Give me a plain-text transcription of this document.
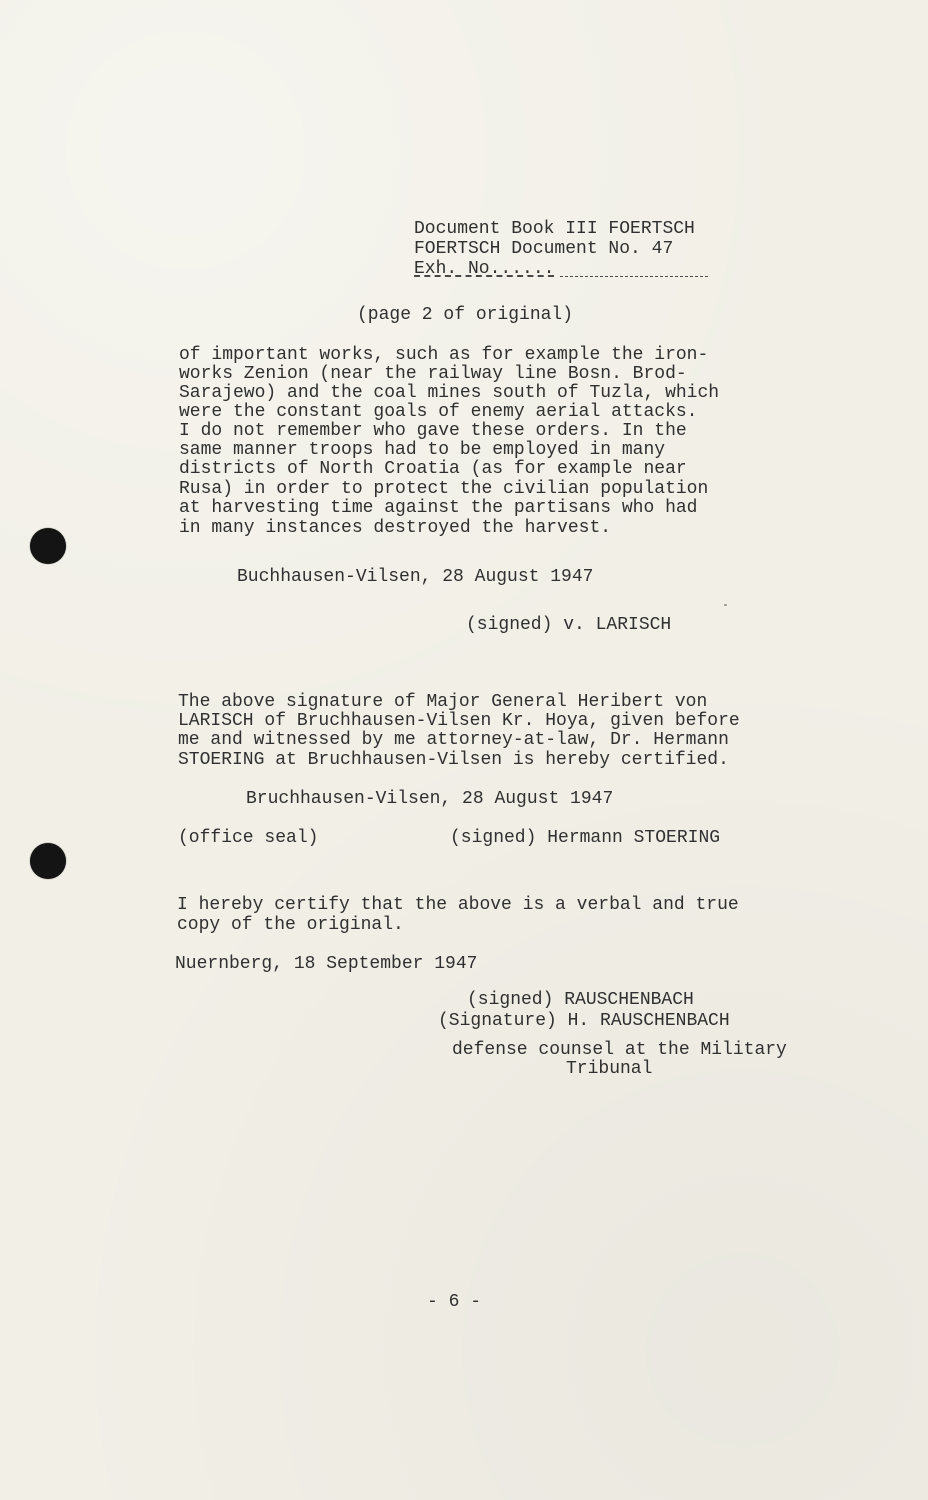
Document Book III FOERTSCH
FOERTSCH Document No. 47
Exh. No......
(page 2 of original)
of important works, such as for example the iron-
works Zenion (near the railway line Bosn. Brod-
Sarajewo) and the coal mines south of Tuzla, which
were the constant goals of enemy aerial attacks.
I do not remember who gave these orders. In the
same manner troops had to be employed in many
districts of North Croatia (as for example near
Rusa) in order to protect the civilian population
at harvesting time against the partisans who had
in many instances destroyed the harvest.
Buchhausen-Vilsen, 28 August 1947
(signed) v. LARISCH
The above signature of Major General Heribert von
LARISCH of Bruchhausen-Vilsen Kr. Hoya, given before
me and witnessed by me attorney-at-law, Dr. Hermann
STOERING at Bruchhausen-Vilsen is hereby certified.
Bruchhausen-Vilsen, 28 August 1947
(office seal)	(signed) Hermann STOERING
I hereby certify that the above is a verbal and true
copy of the original.
Nuernberg, 18 September 1947
(signed) RAUSCHENBACH
(Signature) H. RAUSCHENBACH
defense counsel at the Military
Tribunal
- 6 -
